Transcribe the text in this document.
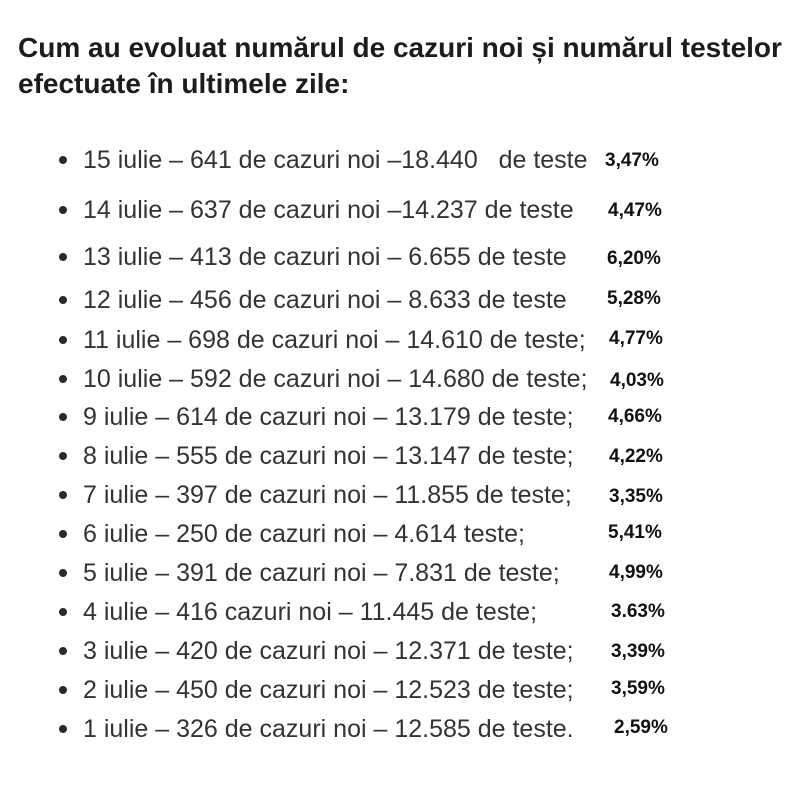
Cum au evoluat numărul de cazuri noi și numărul testelor efectuate în ultimele zile:
15 iulie – 641 de cazuri noi –18.440   de teste 3,47%
14 iulie – 637 de cazuri noi –14.237 de teste 4,47%
13 iulie – 413 de cazuri noi – 6.655 de teste 6,20%
12 iulie – 456 de cazuri noi – 8.633 de teste 5,28%
11 iulie – 698 de cazuri noi – 14.610 de teste; 4,77%
10 iulie – 592 de cazuri noi – 14.680 de teste; 4,03%
9 iulie – 614 de cazuri noi – 13.179 de teste; 4,66%
8 iulie – 555 de cazuri noi – 13.147 de teste; 4,22%
7 iulie – 397 de cazuri noi – 11.855 de teste; 3,35%
6 iulie – 250 de cazuri noi – 4.614 teste;	5,41%
5 iulie – 391 de cazuri noi – 7.831 de teste;	4,99%
4 iulie – 416 cazuri noi – 11.445 de teste;	3.63%
3 iulie – 420 de cazuri noi – 12.371 de teste; 3,39%
2 iulie – 450 de cazuri noi – 12.523 de teste; 3,59%
1 iulie – 326 de cazuri noi – 12.585 de teste. 2,59%
